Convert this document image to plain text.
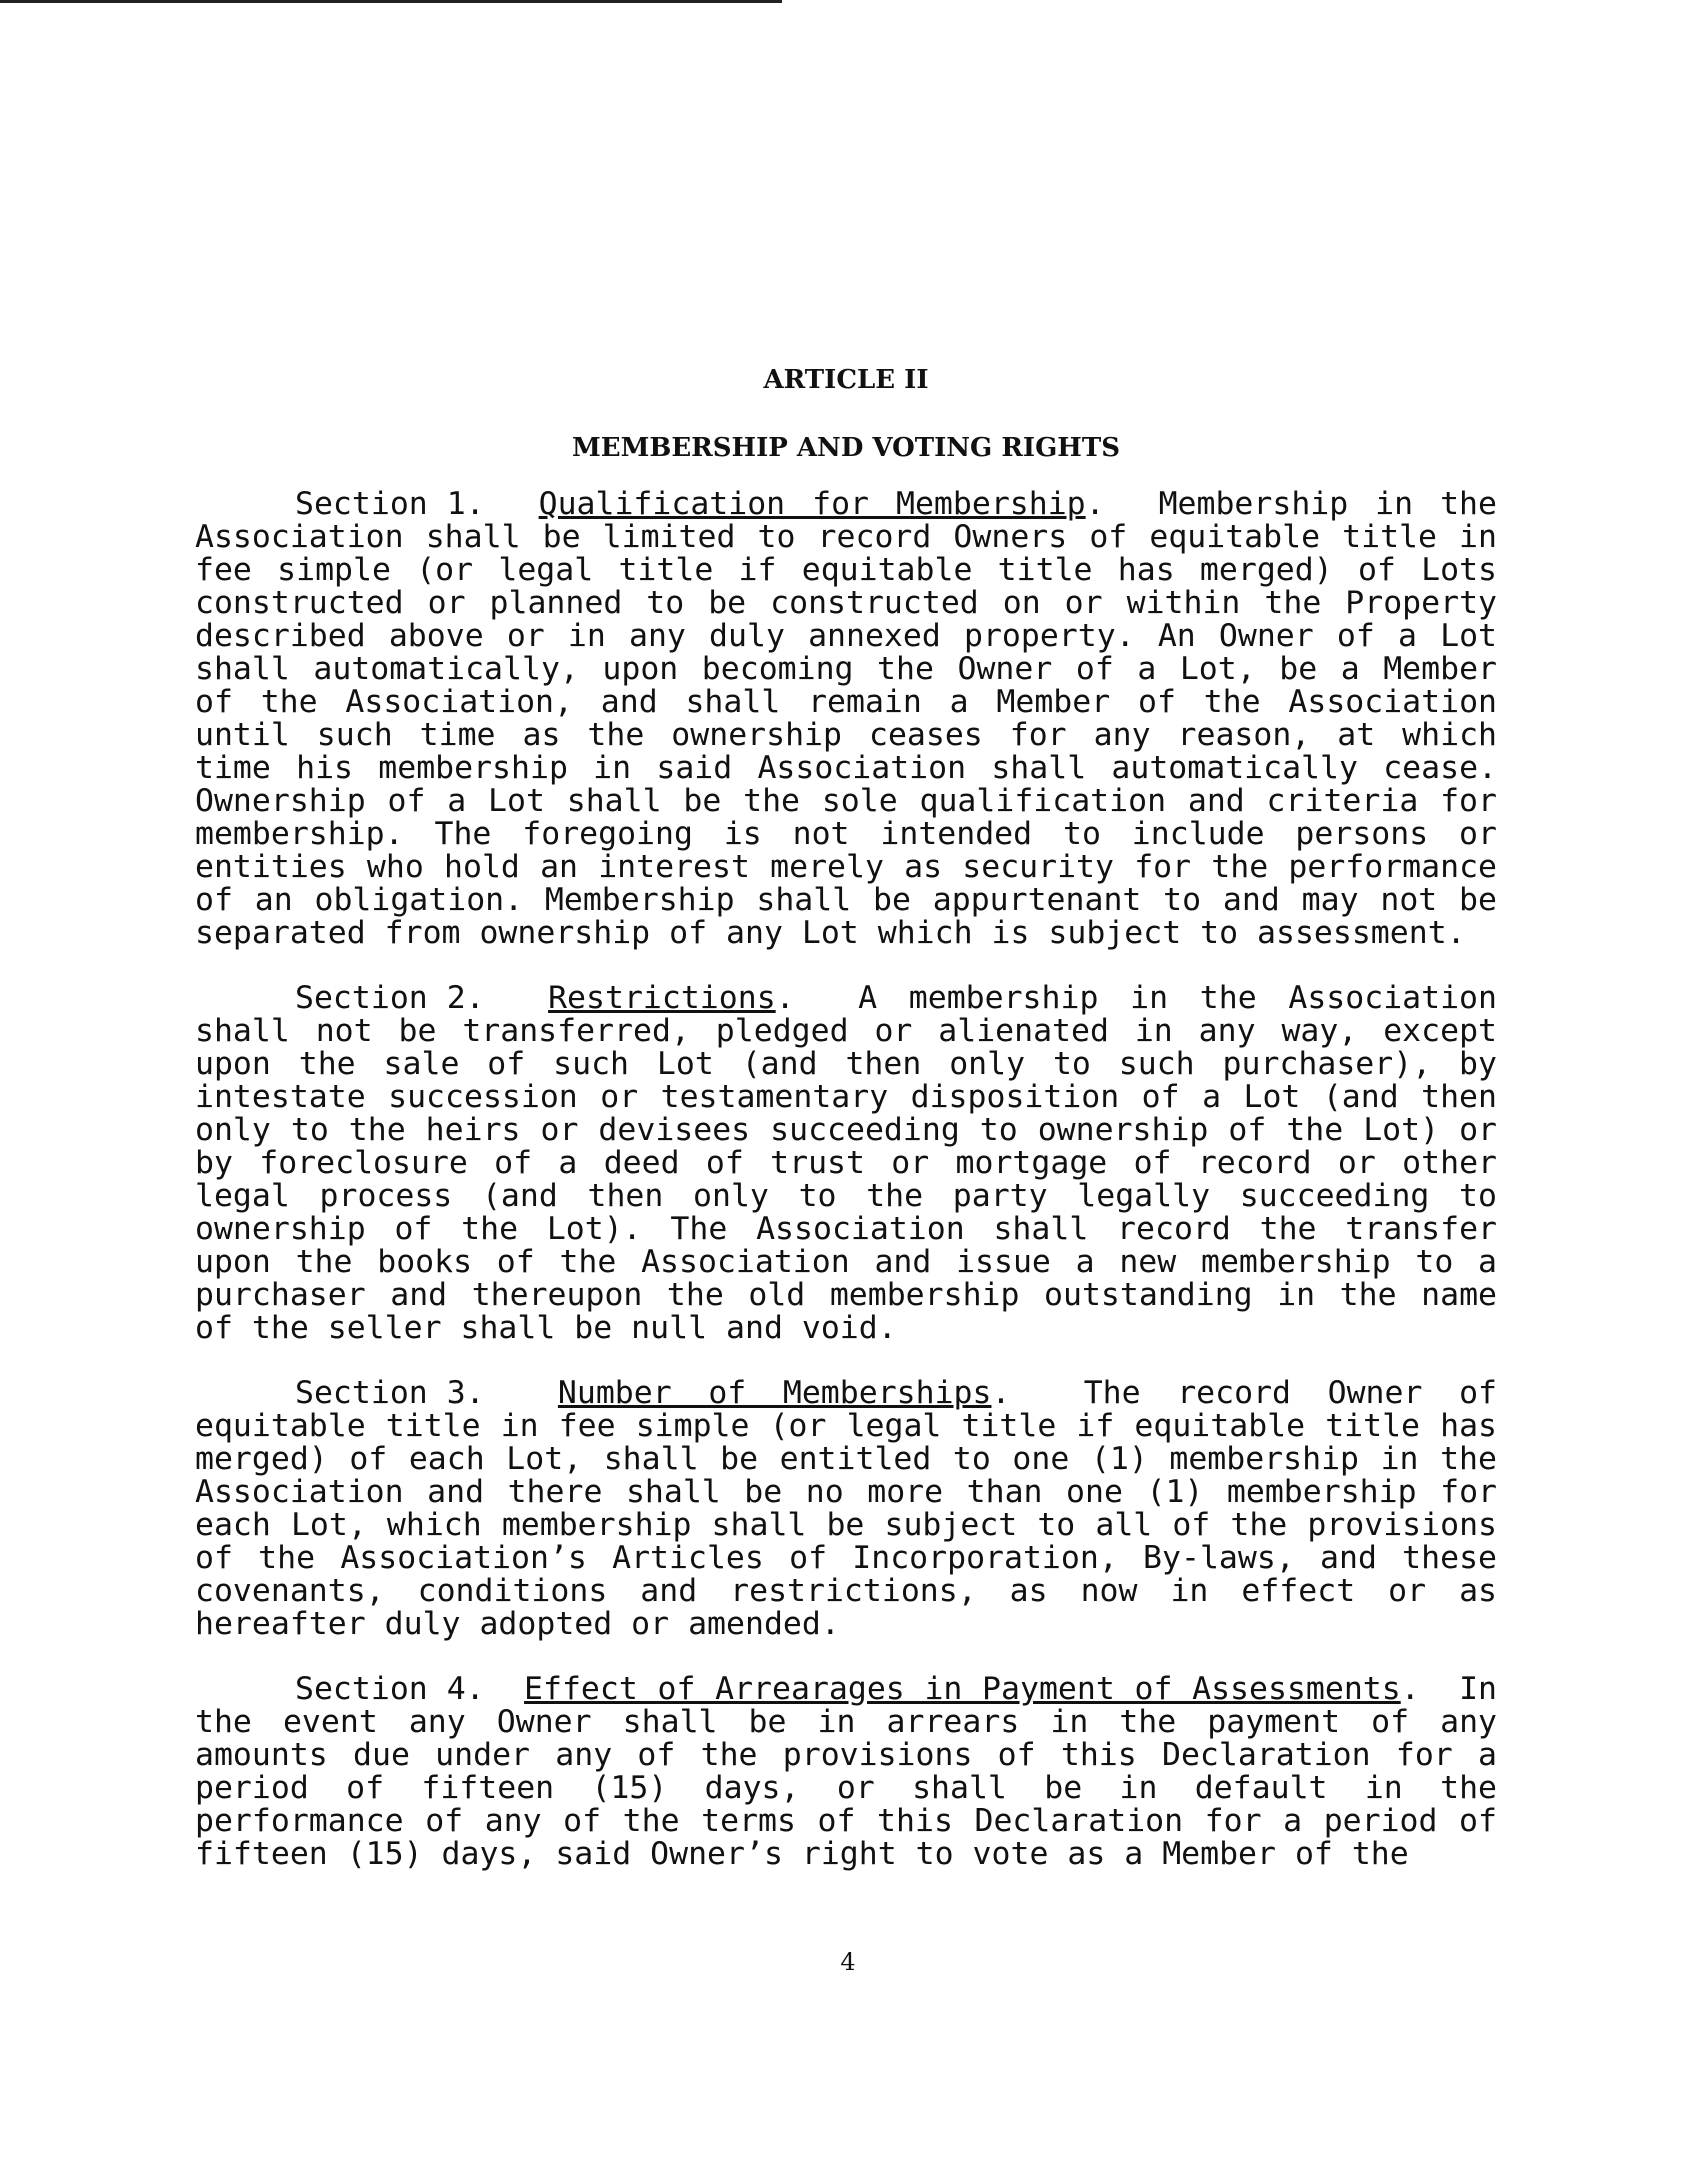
ARTICLE II
MEMBERSHIP AND VOTING RIGHTS

Section 1. Qualification for Membership.  Membership in the Association shall be limited to record Owners of equitable title in fee simple (or legal title if equitable title has merged) of Lots constructed or planned to be constructed on or within the Property described above or in any duly annexed property. An Owner of a Lot shall automatically, upon becoming the Owner of a Lot, be a Member of the Association, and shall remain a Member of the Association until such time as the ownership ceases for any reason, at which time his membership in said Association shall automatically cease. Ownership of a Lot shall be the sole qualification and criteria for membership. The foregoing is not intended to include persons or entities who hold an interest merely as security for the performance of an obligation. Membership shall be appurtenant to and may not be separated from ownership of any Lot which is subject to assessment.

Section 2. Restrictions.  A membership in the Association shall not be transferred, pledged or alienated in any way, except upon the sale of such Lot (and then only to such purchaser), by intestate succession or testamentary disposition of a Lot (and then only to the heirs or devisees succeeding to ownership of the Lot) or by foreclosure of a deed of trust or mortgage of record or other legal process (and then only to the party legally succeeding to ownership of the Lot). The Association shall record the transfer upon the books of the Association and issue a new membership to a purchaser and thereupon the old membership outstanding in the name of the seller shall be null and void.

Section 3. Number of Memberships.  The record Owner of equitable title in fee simple (or legal title if equitable title has merged) of each Lot, shall be entitled to one (1) membership in the Association and there shall be no more than one (1) membership for each Lot, which membership shall be subject to all of the provisions of the Association’s Articles of Incorporation, By-laws, and these covenants, conditions and restrictions, as now in effect or as hereafter duly adopted or amended.

Section 4. Effect of Arrearages in Payment of Assessments.  In the event any Owner shall be in arrears in the payment of any amounts due under any of the provisions of this Declaration for a period of fifteen (15) days, or shall be in default in the performance of any of the terms of this Declaration for a period of fifteen (15) days, said Owner’s right to vote as a Member of the

4
